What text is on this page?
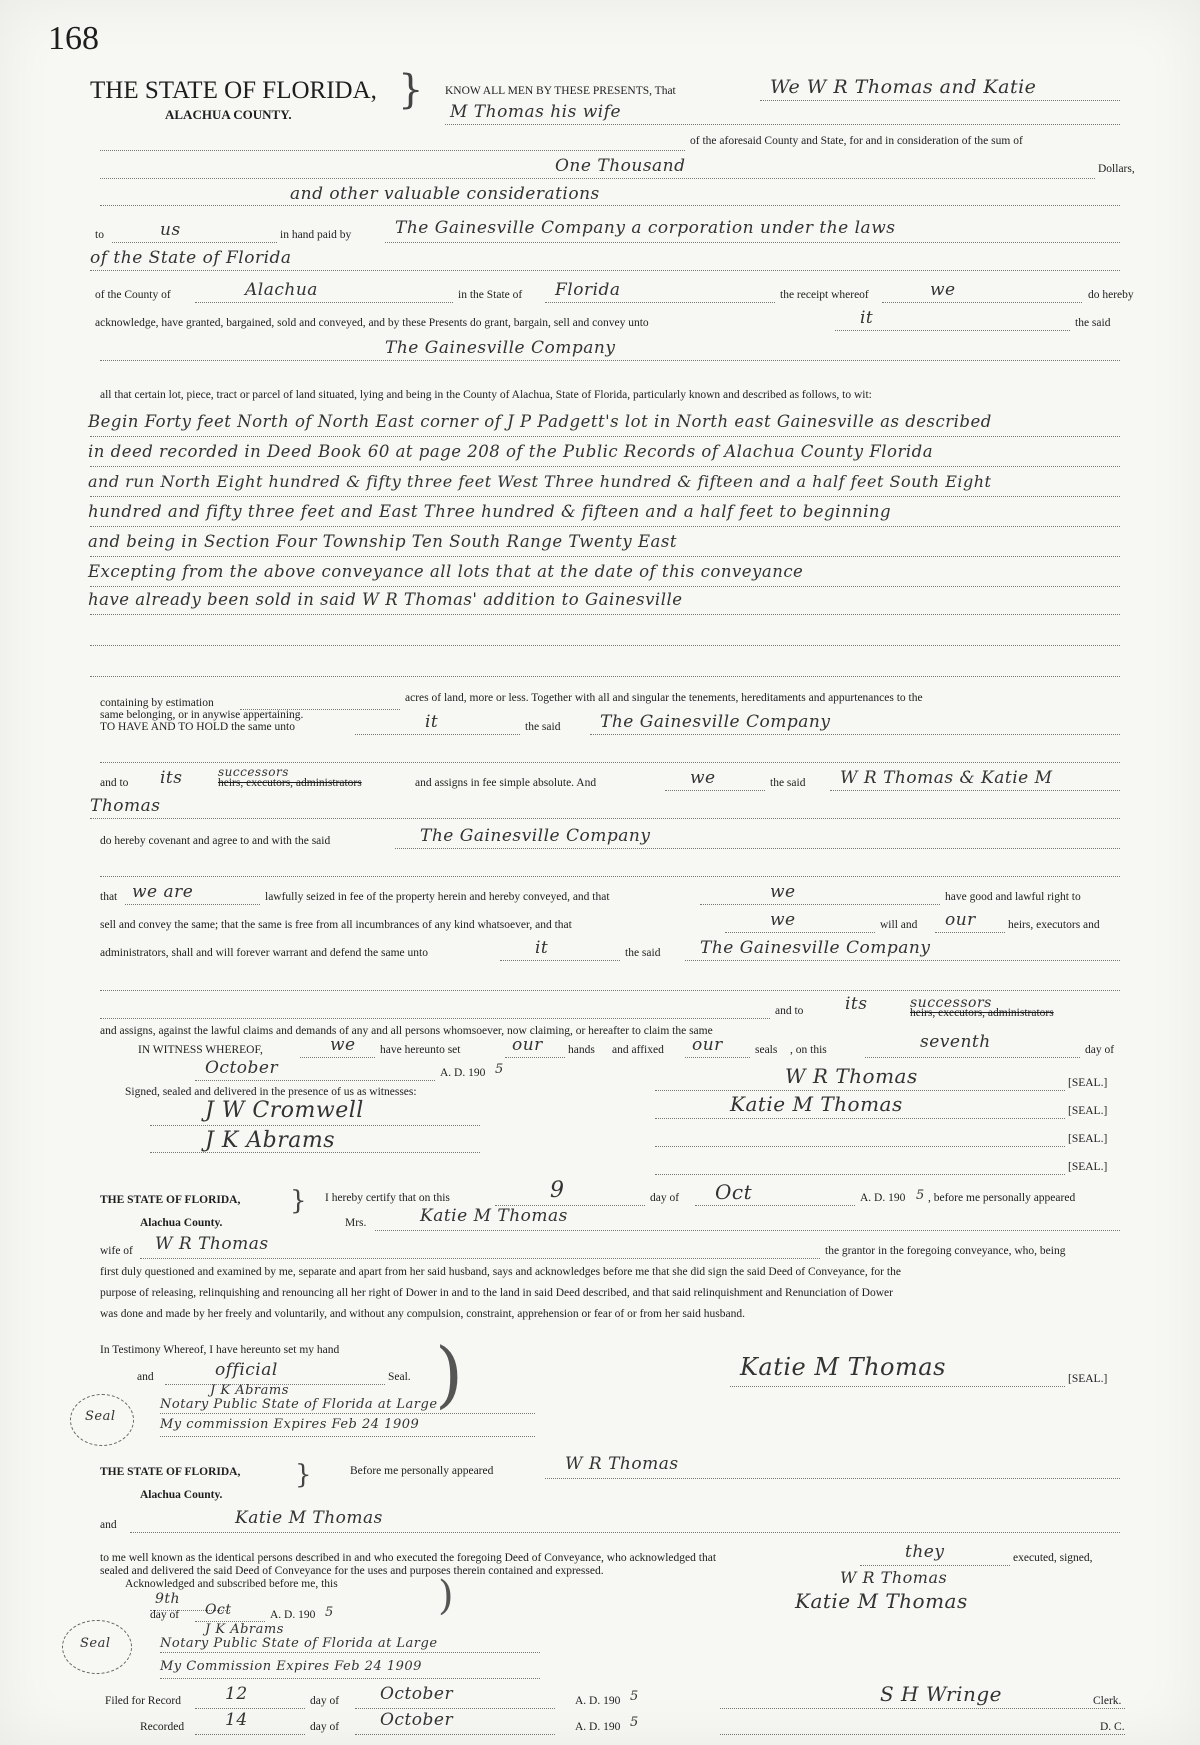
168
THE STATE OF FLORIDA, }
ALACHUA COUNTY.
KNOW ALL MEN BY THESE PRESENTS, That	We W R Thomas and Katie
M Thomas his wife
of the aforesaid County and State, for and in consideration of the sum of
One Thousand	Dollars,
and other valuable considerations
to	us	in hand paid by	The Gainesville Company a corporation under the laws
of the State of Florida
of the County of	Alachua	in the State of Florida	the receipt whereof	we	do hereby
acknowledge, have granted, bargained, sold and conveyed, and by these Presents do grant, bargain, sell and convey unto	it	the said
The Gainesville Company
all that certain lot, piece, tract or parcel of land situated, lying and being in the County of Alachua, State of Florida, particularly known and described as follows, to wit:
Begin Forty feet North of North East corner of J P Padgett's lot in North east Gainesville as described
in deed recorded in Deed Book 60 at page 208 of the Public Records of Alachua County Florida
and run North Eight hundred & fifty three feet West Three hundred & fifteen and a half feet South Eight
hundred and fifty three feet and East Three hundred & fifteen and a half feet to beginning
and being in Section Four Township Ten South Range Twenty East
Excepting from the above conveyance all lots that at the date of this conveyance
have already been sold in said W R Thomas' addition to Gainesville
containing by estimation	acres of land, more or less. Together with all and singular the tenements, hereditaments and appurtenances to the
same belonging, or in anywise appertaining.
TO HAVE AND TO HOLD the same unto	it	the said The Gainesville Company
and to its	successors
heirs, executors, administrators	and assigns in fee simple absolute. And	we	the said W R Thomas & Katie M
Thomas
do hereby covenant and agree to and with the said	The Gainesville Company
that we are	lawfully seized in fee of the property herein and hereby conveyed, and that	we	have good and lawful right to
sell and convey the same; that the same is free from all incumbrances of any kind whatsoever, and that	we	will and our	heirs, executors and
administrators, shall and will forever warrant and defend the same unto	it	the said The Gainesville Company
and to its	successors
heirs, executors, administrators
and assigns, against the lawful claims and demands of any and all persons whomsoever, now claiming, or hereafter to claim the same
IN WITNESS WHEREOF,	we have hereunto set	our hands and affixed our	seals , on this	seventh	day of
October	A. D. 190 5
Signed, sealed and delivered in the presence of us as witnesses:
J W Cromwell
J K Abrams
W R Thomas	[SEAL.]
Katie M Thomas	[SEAL.]
[SEAL.]
[SEAL.]
THE STATE OF FLORIDA, }
Alachua County.
I hereby certify that on this	9	day of Oct	A. D. 190 5 , before me personally appeared
Mrs.	Katie M Thomas
wife of W R Thomas	the grantor in the foregoing conveyance, who, being
first duly questioned and examined by me, separate and apart from her said husband, says and acknowledges before me that she did sign the said Deed of Conveyance, for the
purpose of releasing, relinquishing and renouncing all her right of Dower in and to the land in said Deed described, and that said relinquishment and Renunciation of Dower
was done and made by her freely and voluntarily, and without any compulsion, constraint, apprehension or fear of or from her said husband.
In Testimony Whereof, I have hereunto set my hand )
and	official	Seal.
J K Abrams
Notary Public State of Florida at Large
My commission Expires Feb 24 1909
Seal
Katie M Thomas	[SEAL.]
THE STATE OF FLORIDA, }
Alachua County.
Before me personally appeared	W R Thomas
and	Katie M Thomas
to me well known as the identical persons described in and who executed the foregoing Deed of Conveyance, who acknowledged that	they	executed, signed,
sealed and delivered the said Deed of Conveyance for the uses and purposes therein contained and expressed.
Acknowledged and subscribed before me, this	)
9th
day of Oct	A. D. 190 5
J K Abrams
Notary Public State of Florida at Large
My Commission Expires Feb 24 1909
Seal
W R Thomas
Katie M Thomas
Filed for Record	12	day of October	A. D. 190 5
Recorded 14	day of October	A. D. 190 5
S H Wringe	Clerk.
D. C.
